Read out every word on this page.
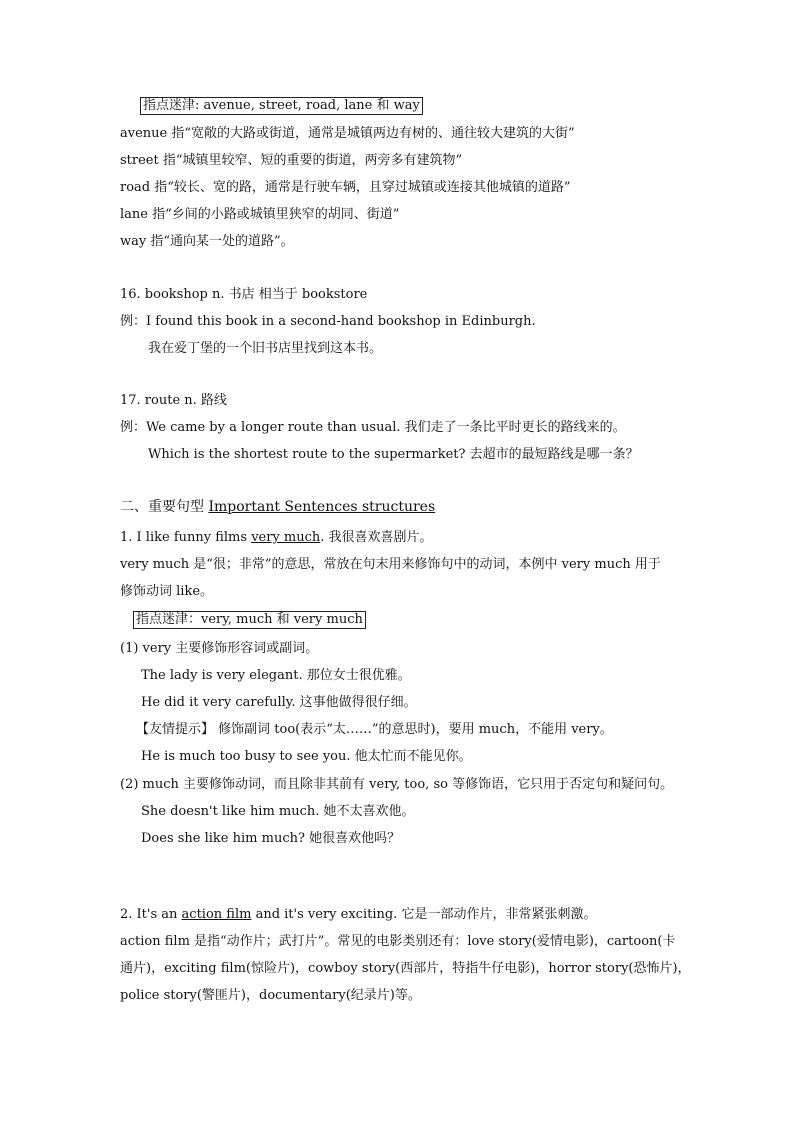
指点迷津: avenue, street, road, lane 和 way
avenue 指“宽敞的大路或街道，通常是城镇两边有树的、通往较大建筑的大街”
street 指“城镇里较窄、短的重要的街道，两旁多有建筑物”
road 指“较长、宽的路，通常是行驶车辆，且穿过城镇或连接其他城镇的道路”
lane 指“乡间的小路或城镇里狭窄的胡同、街道”
way 指“通向某一处的道路”。
16. bookshop n. 书店 相当于 bookstore
例：I found this book in a second-hand bookshop in Edinburgh.
我在爱丁堡的一个旧书店里找到这本书。
17. route n. 路线
例：We came by a longer route than usual. 我们走了一条比平时更长的路线来的。
Which is the shortest route to the supermarket? 去超市的最短路线是哪一条？
二、重要句型 Important Sentences structures
1. I like funny films very much. 我很喜欢喜剧片。
very much 是“很；非常”的意思，常放在句末用来修饰句中的动词，本例中 very much 用于
修饰动词 like。
指点迷津：very, much 和 very much
(1) very 主要修饰形容词或副词。
The lady is very elegant. 那位女士很优雅。
He did it very carefully. 这事他做得很仔细。
【友情提示】 修饰副词 too(表示“太……”的意思时)，要用 much，不能用 very。
He is much too busy to see you. 他太忙而不能见你。
(2) much 主要修饰动词，而且除非其前有 very, too, so 等修饰语，它只用于否定句和疑问句。
She doesn't like him much. 她不太喜欢他。
Does she like him much? 她很喜欢他吗？
2. It's an action film and it's very exciting. 它是一部动作片，非常紧张刺激。
action film 是指“动作片；武打片”。常见的电影类别还有：love story(爱情电影)，cartoon(卡
通片)，exciting film(惊险片)，cowboy story(西部片，特指牛仔电影)，horror story(恐怖片)，
police story(警匪片)，documentary(纪录片)等。
